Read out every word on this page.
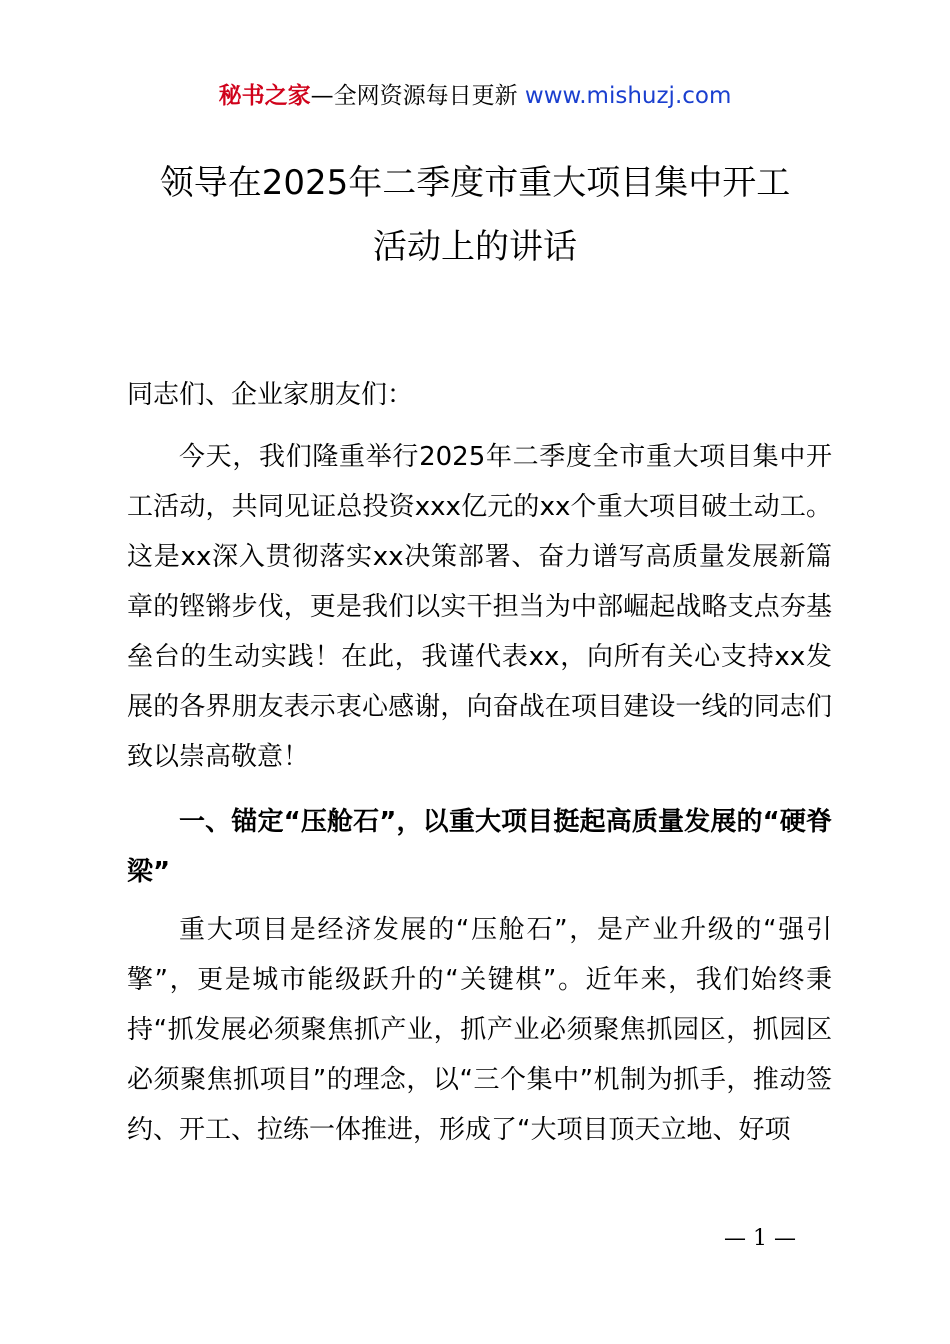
秘书之家—全网资源每日更新 www.mishuzj.com
领导在2025年二季度市重大项目集中开工
活动上的讲话
同志们、企业家朋友们：
今天，我们隆重举行2025年二季度全市重大项目集中开工活动，共同见证总投资xxx亿元的xx个重大项目破土动工。这是xx深入贯彻落实xx决策部署、奋力谱写高质量发展新篇章的铿锵步伐，更是我们以实干担当为中部崛起战略支点夯基垒台的生动实践！在此，我谨代表xx，向所有关心支持xx发展的各界朋友表示衷心感谢，向奋战在项目建设一线的同志们致以崇高敬意！
一、锚定“压舱石”，以重大项目挺起高质量发展的“硬脊梁”
重大项目是经济发展的“压舱石”，是产业升级的“强引擎”，更是城市能级跃升的“关键棋”。近年来，我们始终秉持“抓发展必须聚焦抓产业，抓产业必须聚焦抓园区，抓园区必须聚焦抓项目”的理念，以“三个集中”机制为抓手，推动签约、开工、拉练一体推进，形成了“大项目顶天立地、好项
— 1 —
